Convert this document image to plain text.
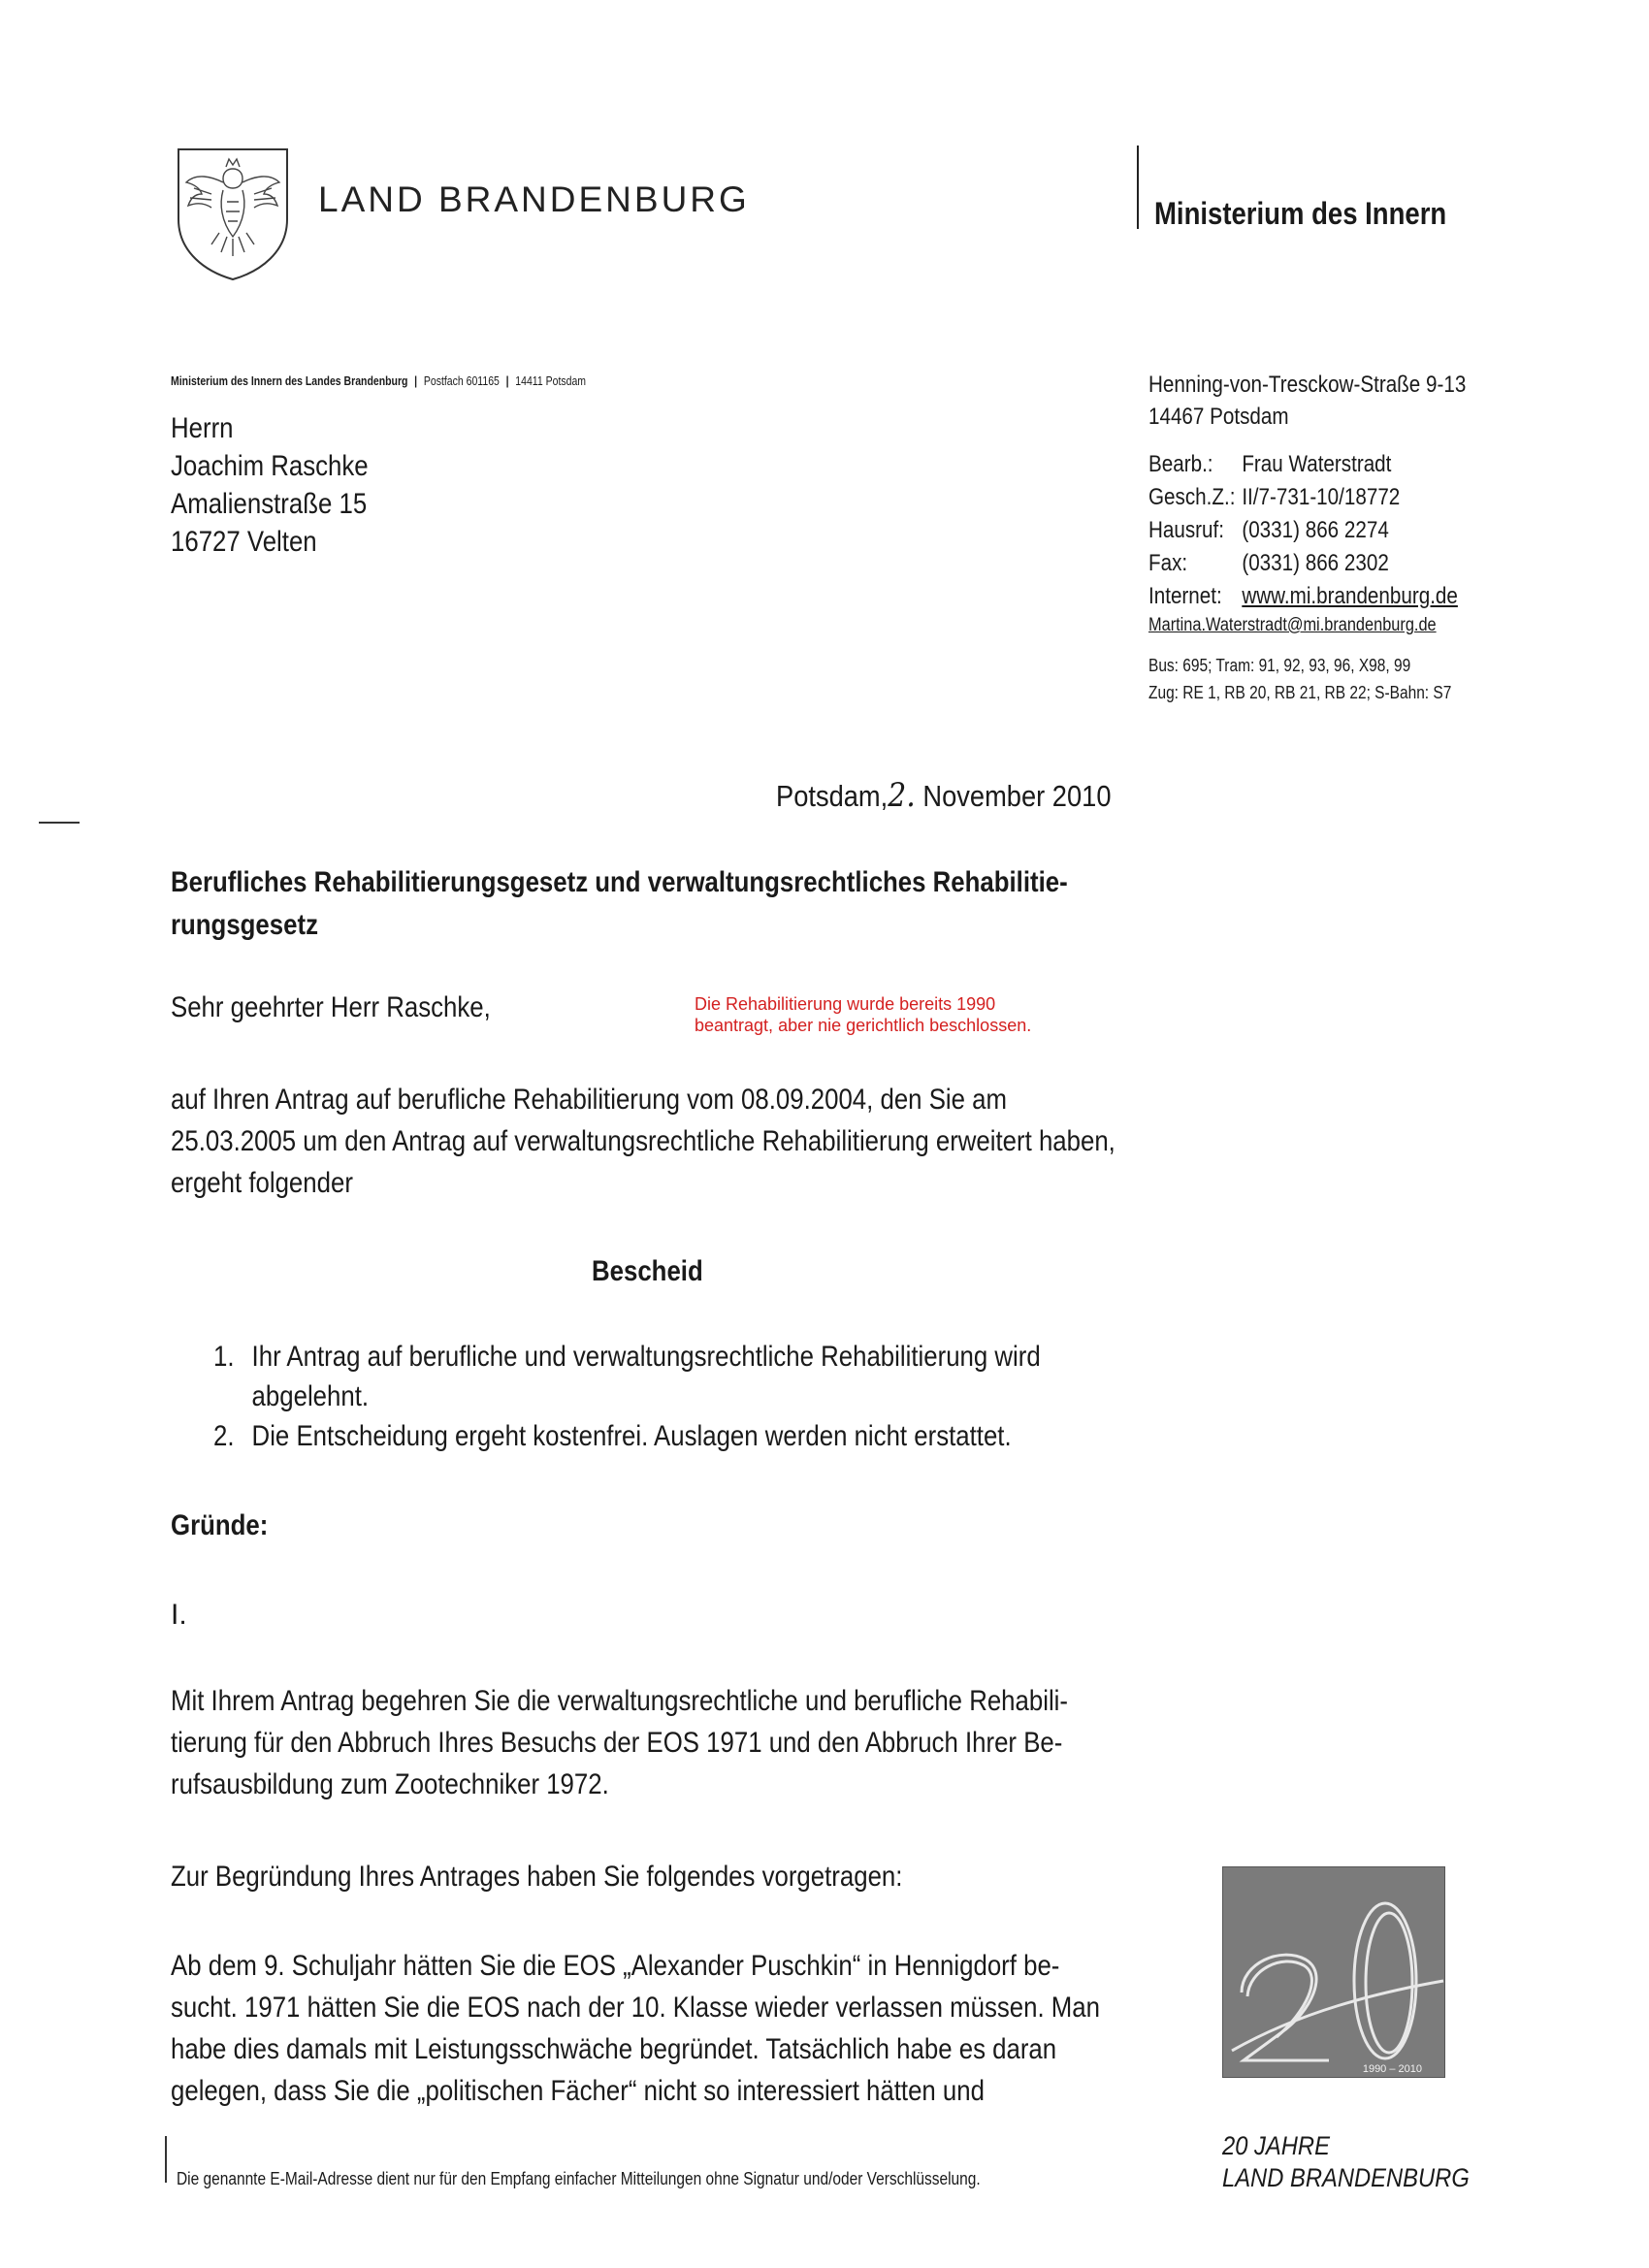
LAND BRANDENBURG	Ministerium des Innern
Ministerium des Innern des Landes Brandenburg | Postfach 601165 | 14411 Potsdam
Herrn
Joachim Raschke
Amalienstraße 15
16727 Velten
Henning-von-Tresckow-Straße 9-13
14467 Potsdam
Bearb.:	Frau Waterstradt
Gesch.Z.:	II/7-731-10/18772
Hausruf:	(0331) 866 2274
Fax:	(0331) 866 2302
Internet:	www.mi.brandenburg.de
Martina.Waterstradt@mi.brandenburg.de
Bus: 695; Tram: 91, 92, 93, 96, X98, 99
Zug: RE 1, RB 20, RB 21, RB 22; S-Bahn: S7
Potsdam,2. November 2010
Berufliches Rehabilitierungsgesetz und verwaltungsrechtliches Rehabilitie-rungsgesetz
Sehr geehrter Herr Raschke,	Die Rehabilitierung wurde bereits 1990
beantragt, aber nie gerichtlich beschlossen.
auf Ihren Antrag auf berufliche Rehabilitierung vom 08.09.2004, den Sie am 25.03.2005 um den Antrag auf verwaltungsrechtliche Rehabilitierung erweitert haben, ergeht folgender
Bescheid
1. Ihr Antrag auf berufliche und verwaltungsrechtliche Rehabilitierung wird abgelehnt.
2. Die Entscheidung ergeht kostenfrei. Auslagen werden nicht erstattet.
Gründe:
I.
Mit Ihrem Antrag begehren Sie die verwaltungsrechtliche und berufliche Rehabili-tierung für den Abbruch Ihres Besuchs der EOS 1971 und den Abbruch Ihrer Be-rufsausbildung zum Zootechniker 1972.
Zur Begründung Ihres Antrages haben Sie folgendes vorgetragen:
Ab dem 9. Schuljahr hätten Sie die EOS „Alexander Puschkin“ in Hennigdorf be-sucht. 1971 hätten Sie die EOS nach der 10. Klasse wieder verlassen müssen. Man habe dies damals mit Leistungsschwäche begründet. Tatsächlich habe es daran gelegen, dass Sie die „politischen Fächer“ nicht so interessiert hätten und
1990 – 2010
20 JAHRE
LAND BRANDENBURG
Die genannte E-Mail-Adresse dient nur für den Empfang einfacher Mitteilungen ohne Signatur und/oder Verschlüsselung.
